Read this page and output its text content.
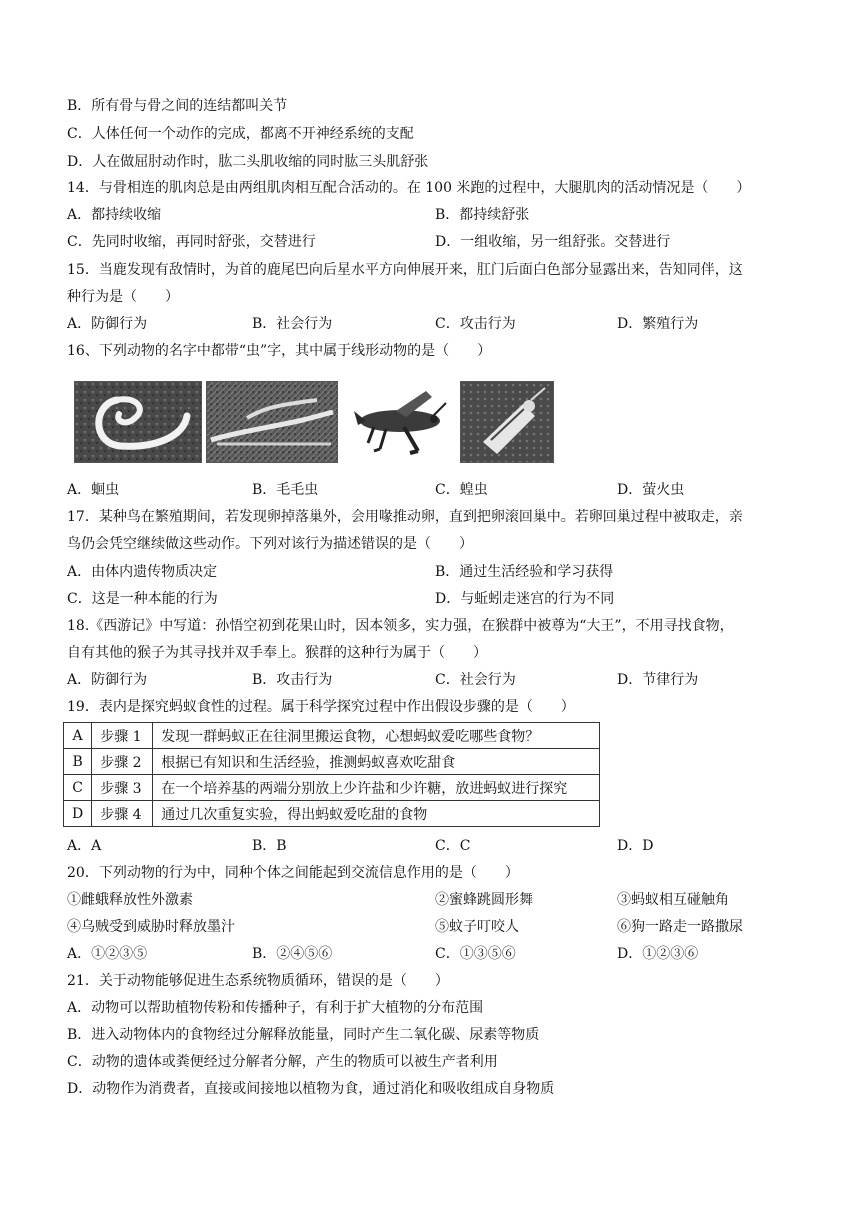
B．所有骨与骨之间的连结都叫关节
C．人体任何一个动作的完成，都离不开神经系统的支配
D．人在做屈肘动作时，肱二头肌收缩的同时肱三头肌舒张
14．与骨相连的肌肉总是由两组肌肉相互配合活动的。在 100 米跑的过程中，大腿肌肉的活动情况是（　　）
A．都持续收缩	B．都持续舒张
C．先同时收缩，再同时舒张，交替进行	D．一组收缩，另一组舒张。交替进行
15．当鹿发现有敌情时，为首的鹿尾巴向后星水平方向伸展开来，肛门后面白色部分显露出来，告知同伴，这
种行为是（　　）
A．防御行为	B．社会行为	C．攻击行为	D．繁殖行为
16、下列动物的名字中都带“虫”字，其中属于线形动物的是（　　）
A．蛔虫	B．毛毛虫	C．蝗虫	D．萤火虫
17．某种鸟在繁殖期间，若发现卵掉落巢外，会用喙推动卵，直到把卵滚回巢中。若卵回巢过程中被取走，亲
鸟仍会凭空继续做这些动作。下列对该行为描述错误的是（　　）
A．由体内遗传物质决定	B．通过生活经验和学习获得
C．这是一种本能的行为	D．与蚯蚓走迷宫的行为不同
18.《西游记》中写道：孙悟空初到花果山时，因本领多，实力强，在猴群中被尊为“大王”，不用寻找食物，
自有其他的猴子为其寻找并双手奉上。猴群的这种行为属于（　　）
A．防御行为	B．攻击行为	C．社会行为	D．节律行为
19．表内是探究蚂蚁食性的过程。属于科学探究过程中作出假设步骤的是（　　）
A	步骤 1	发现一群蚂蚁正在往洞里搬运食物，心想蚂蚁爱吃哪些食物？
B	步骤 2	根据已有知识和生活经验，推测蚂蚁喜欢吃甜食
C	步骤 3	在一个培养基的两端分别放上少许盐和少许糖，放进蚂蚁进行探究
D	步骤 4	通过几次重复实验，得出蚂蚁爱吃甜的食物
A．A	B．B	C．C	D．D
20．下列动物的行为中，同种个体之间能起到交流信息作用的是（　　）
①雌蛾释放性外激素	②蜜蜂跳圆形舞	③蚂蚁相互碰触角
④乌贼受到威胁时释放墨汁	⑤蚊子叮咬人	⑥狗一路走一路撒尿
A．①②③⑤	B．②④⑤⑥	C．①③⑤⑥	D．①②③⑥
21．关于动物能够促进生态系统物质循环，错误的是（　　）
A．动物可以帮助植物传粉和传播种子，有利于扩大植物的分布范围
B．进入动物体内的食物经过分解释放能量，同时产生二氧化碳、尿素等物质
C．动物的遗体或粪便经过分解者分解，产生的物质可以被生产者利用
D．动物作为消费者，直接或间接地以植物为食，通过消化和吸收组成自身物质
